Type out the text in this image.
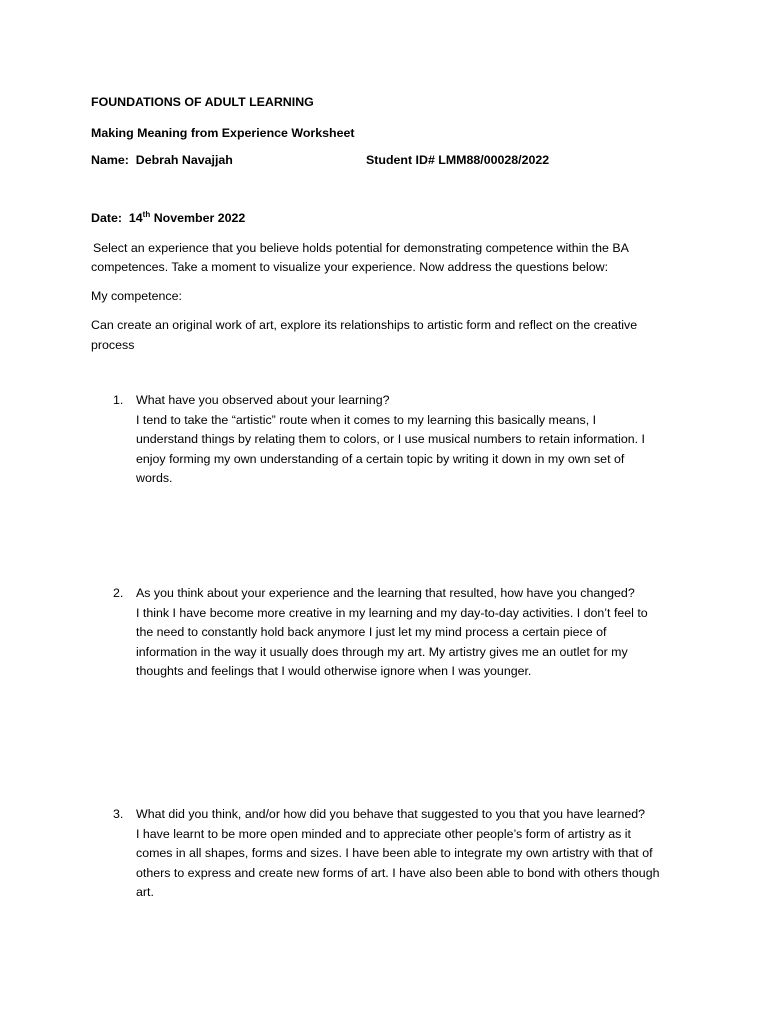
FOUNDATIONS OF ADULT LEARNING
Making Meaning from Experience Worksheet
Name: Debrah Navajjah	Student ID# LMM88/00028/2022
Date: 14th November 2022

Select an experience that you believe holds potential for demonstrating competence within the BA

competences. Take a moment to visualize your experience. Now address the questions below:

My competence:

Can create an original work of art, explore its relationships to artistic form and reflect on the creative

process

1. What have you observed about your learning?

I tend to take the “artistic” route when it comes to my learning this basically means, I

understand things by relating them to colors, or I use musical numbers to retain information. I

enjoy forming my own understanding of a certain topic by writing it down in my own set of

words.

2. As you think about your experience and the learning that resulted, how have you changed?

I think I have become more creative in my learning and my day-to-day activities. I don’t feel to

the need to constantly hold back anymore I just let my mind process a certain piece of

information in the way it usually does through my art. My artistry gives me an outlet for my

thoughts and feelings that I would otherwise ignore when I was younger.

3. What did you think, and/or how did you behave that suggested to you that you have learned?

I have learnt to be more open minded and to appreciate other people’s form of artistry as it

comes in all shapes, forms and sizes. I have been able to integrate my own artistry with that of

others to express and create new forms of art. I have also been able to bond with others though

art.
